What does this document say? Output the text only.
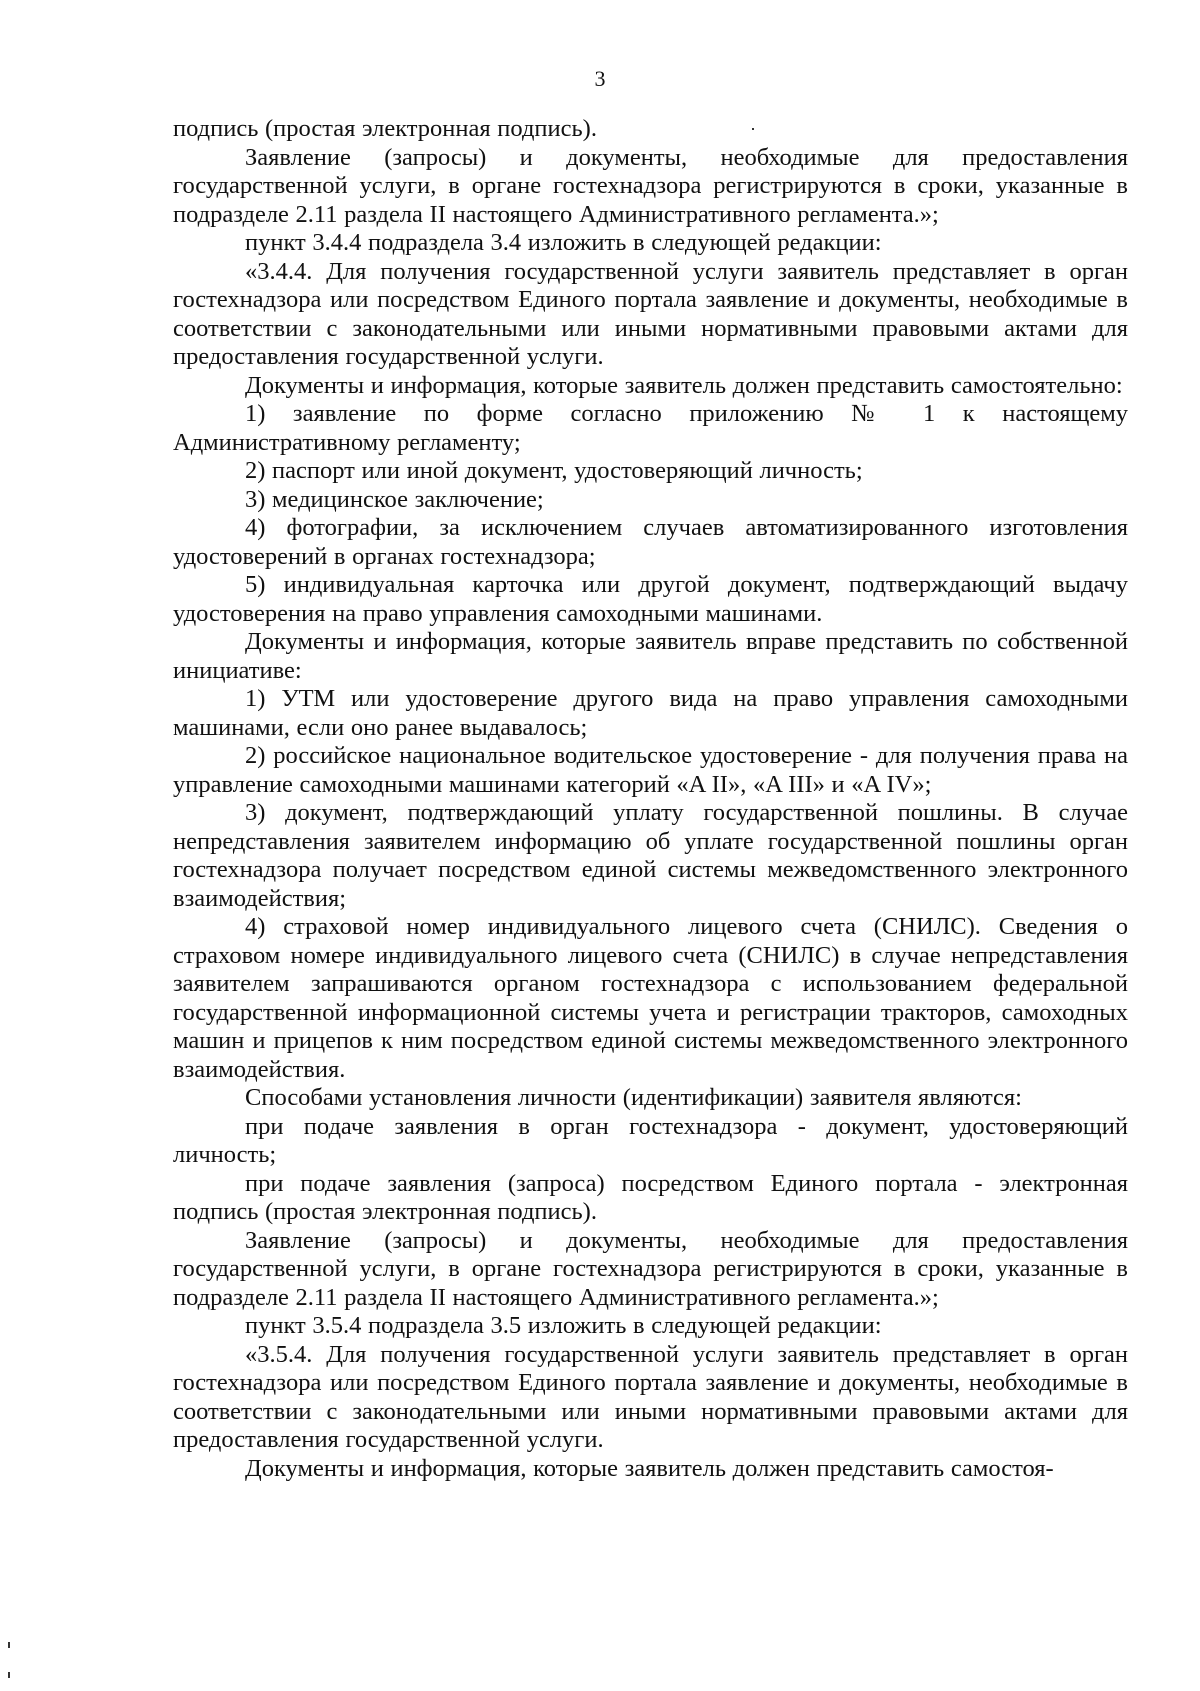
3

подпись (простая электронная подпись).

Заявление (запросы) и документы, необходимые для предоставления государственной услуги, в органе гостехнадзора регистрируются в сроки, указанные в подразделе 2.11 раздела II настоящего Административного регламента.»;

пункт 3.4.4 подраздела 3.4 изложить в следующей редакции:

«3.4.4. Для получения государственной услуги заявитель представляет в орган гостехнадзора или посредством Единого портала заявление и документы, необходимые в соответствии с законодательными или иными нормативными правовыми актами для предоставления государственной услуги.

Документы и информация, которые заявитель должен представить самостоятельно:

1) заявление по форме согласно приложению № 1 к настоящему Административному регламенту;

2) паспорт или иной документ, удостоверяющий личность;

3) медицинское заключение;

4) фотографии, за исключением случаев автоматизированного изготовления удостоверений в органах гостехнадзора;

5) индивидуальная карточка или другой документ, подтверждающий выдачу удостоверения на право управления самоходными машинами.

Документы и информация, которые заявитель вправе представить по собственной инициативе:

1) УТМ или удостоверение другого вида на право управления самоходными машинами, если оно ранее выдавалось;

2) российское национальное водительское удостоверение - для получения права на управление самоходными машинами категорий «A II», «A III» и «A IV»;

3) документ, подтверждающий уплату государственной пошлины. В случае непредставления заявителем информацию об уплате государственной пошлины орган гостехнадзора получает посредством единой системы межведомственного электронного взаимодействия;

4) страховой номер индивидуального лицевого счета (СНИЛС). Сведения о страховом номере индивидуального лицевого счета (СНИЛС) в случае непредставления заявителем запрашиваются органом гостехнадзора с использованием федеральной государственной информационной системы учета и регистрации тракторов, самоходных машин и прицепов к ним посредством единой системы межведомственного электронного взаимодействия.

Способами установления личности (идентификации) заявителя являются:

при подаче заявления в орган гостехнадзора - документ, удостоверяющий личность;

при подаче заявления (запроса) посредством Единого портала - электронная подпись (простая электронная подпись).

Заявление (запросы) и документы, необходимые для предоставления государственной услуги, в органе гостехнадзора регистрируются в сроки, указанные в подразделе 2.11 раздела II настоящего Административного регламента.»;

пункт 3.5.4 подраздела 3.5 изложить в следующей редакции:

«3.5.4. Для получения государственной услуги заявитель представляет в орган гостехнадзора или посредством Единого портала заявление и документы, необходимые в соответствии с законодательными или иными нормативными правовыми актами для предоставления государственной услуги.

Документы и информация, которые заявитель должен представить самостоя-
